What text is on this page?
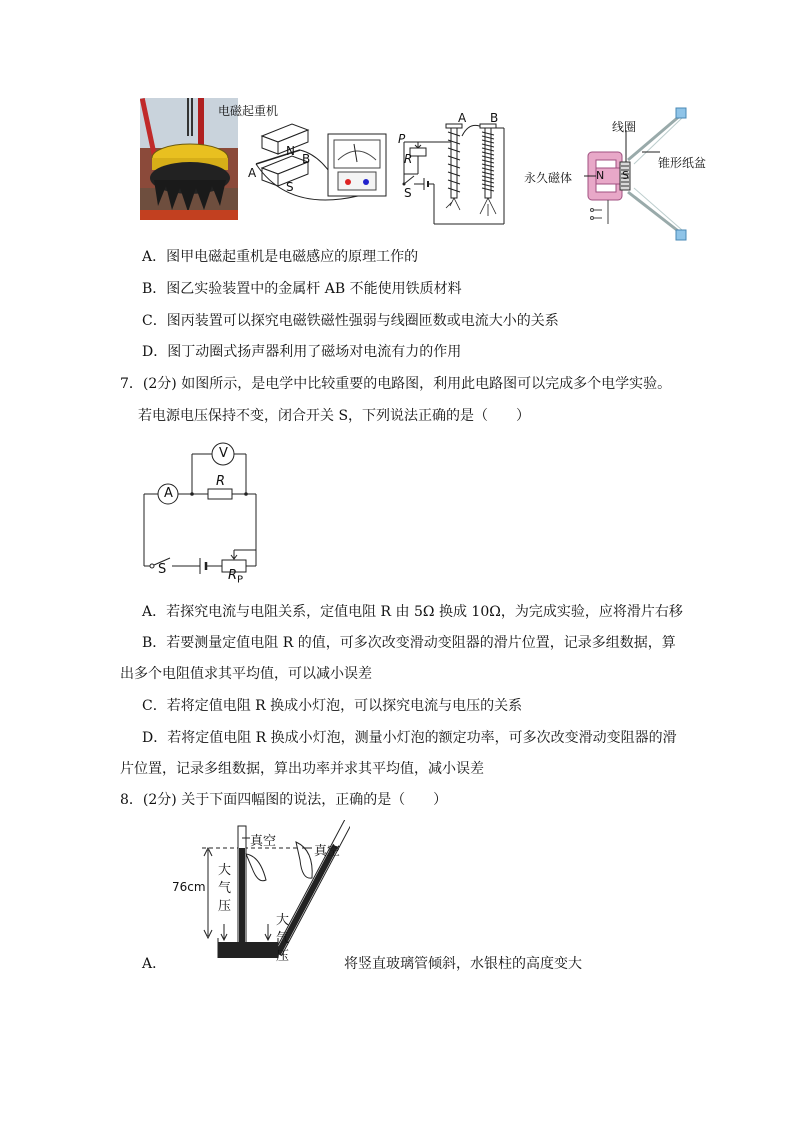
电磁起重机
N
S
A
B
A B
P
R
S
线圈
锥形纸盆
永久磁体 N S
A．图甲电磁起重机是电磁感应的原理工作的
B．图乙实验装置中的金属杆 AB 不能使用铁质材料
C．图丙装置可以探究电磁铁磁性强弱与线圈匝数或电流大小的关系
D．图丁动圈式扬声器利用了磁场对电流有力的作用
7．(2分) 如图所示，是电学中比较重要的电路图，利用此电路图可以完成多个电学实验。
若电源电压保持不变，闭合开关 S，下列说法正确的是（　　）
V
A
R
S	$R_P$
A．若探究电流与电阻关系，定值电阻 R 由 5Ω 换成 10Ω，为完成实验，应将滑片右移
B．若要测量定值电阻 R 的值，可多次改变滑动变阻器的滑片位置，记录多组数据，算
出多个电阻值求其平均值，可以减小误差
C．若将定值电阻 R 换成小灯泡，可以探究电流与电压的关系
D．若将定值电阻 R 换成小灯泡，测量小灯泡的额定功率，可多次改变滑动变阻器的滑
片位置，记录多组数据，算出功率并求其平均值，减小误差
8．(2分) 关于下面四幅图的说法，正确的是（　　）
真空
真空
76cm
大
气
压
大
气
压
A．	将竖直玻璃管倾斜，水银柱的高度变大
